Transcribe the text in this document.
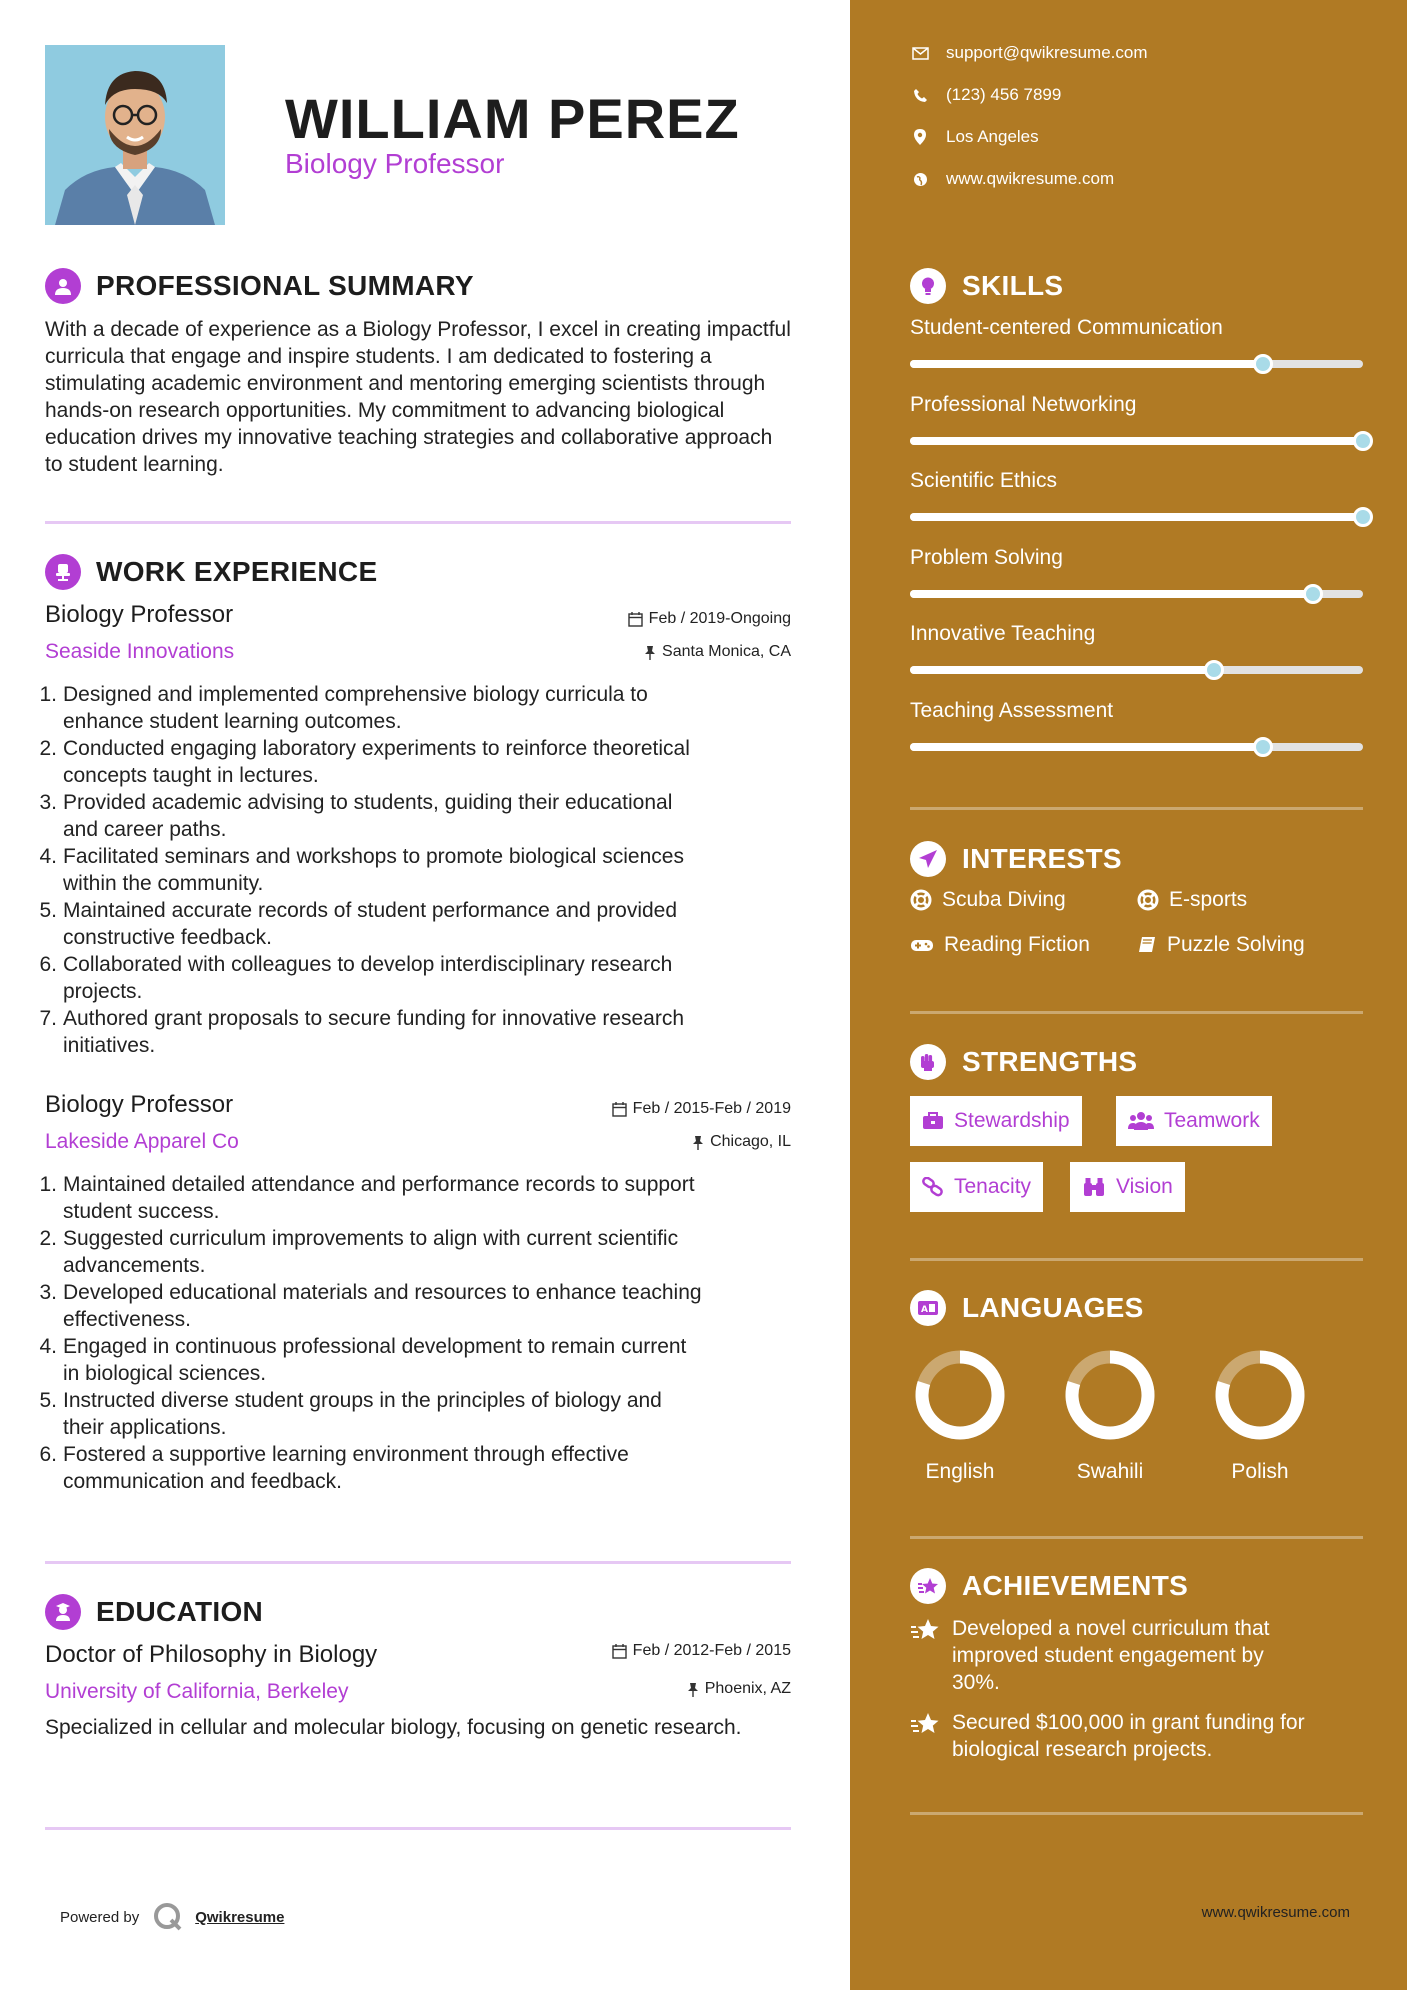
WILLIAM PEREZ
Biology Professor
PROFESSIONAL SUMMARY
With a decade of experience as a Biology Professor, I excel in creating impactful curricula that engage and inspire students. I am dedicated to fostering a stimulating academic environment and mentoring emerging scientists through hands-on research opportunities. My commitment to advancing biological education drives my innovative teaching strategies and collaborative approach to student learning.
WORK EXPERIENCE
Biology Professor	Feb / 2019-Ongoing
Seaside Innovations	Santa Monica, CA
1. Designed and implemented comprehensive biology curricula to
enhance student learning outcomes.
2. Conducted engaging laboratory experiments to reinforce theoretical
concepts taught in lectures.
3. Provided academic advising to students, guiding their educational
and career paths.
4. Facilitated seminars and workshops to promote biological sciences
within the community.
5. Maintained accurate records of student performance and provided
constructive feedback.
6. Collaborated with colleagues to develop interdisciplinary research
projects.
7. Authored grant proposals to secure funding for innovative research
initiatives.
Biology Professor	Feb / 2015-Feb / 2019
Lakeside Apparel Co	Chicago, IL
1. Maintained detailed attendance and performance records to support
student success.
2. Suggested curriculum improvements to align with current scientific
advancements.
3. Developed educational materials and resources to enhance teaching
effectiveness.
4. Engaged in continuous professional development to remain current
in biological sciences.
5. Instructed diverse student groups in the principles of biology and
their applications.
6. Fostered a supportive learning environment through effective
communication and feedback.
EDUCATION
Doctor of Philosophy in Biology	Feb / 2012-Feb / 2015
University of California, Berkeley	Phoenix, AZ
Specialized in cellular and molecular biology, focusing on genetic research.
Powered by	Qwikresume
support@qwikresume.com
(123) 456 7899
Los Angeles
www.qwikresume.com
SKILLS
Student-centered Communication
Professional Networking
Scientific Ethics
Problem Solving
Innovative Teaching
Teaching Assessment
INTERESTS
Scuba Diving	E-sports
Reading Fiction	Puzzle Solving
STRENGTHS
Stewardship	Teamwork
Tenacity	Vision
A LANGUAGES
English	Swahili	Polish
ACHIEVEMENTS
Developed a novel curriculum that
improved student engagement by
30%.
Secured $100,000 in grant funding for
biological research projects.
www.qwikresume.com
